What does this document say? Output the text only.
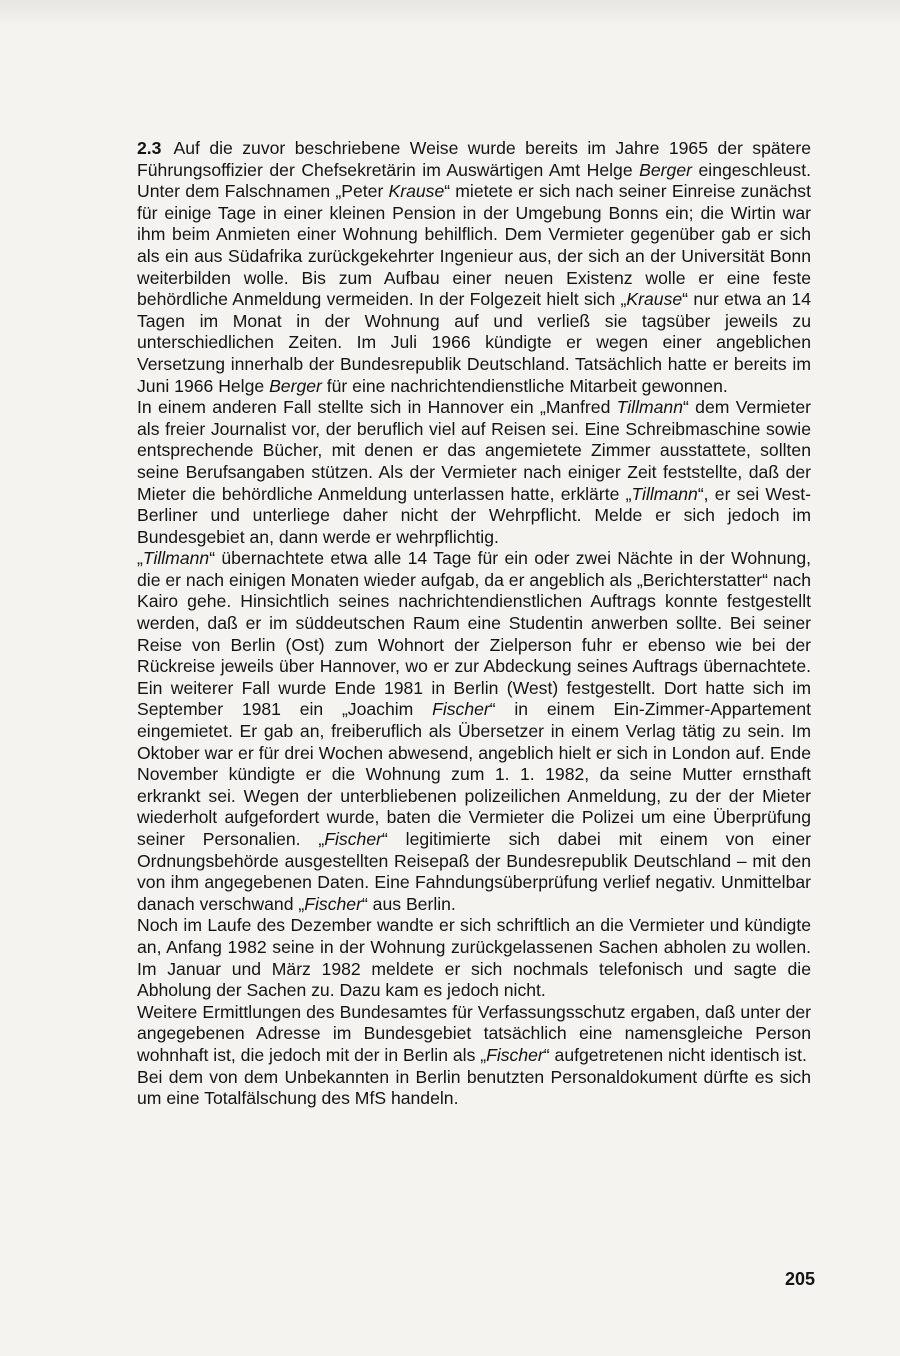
2.3 Auf die zuvor beschriebene Weise wurde bereits im Jahre 1965 der spätere Führungsoffizier der Chefsekretärin im Auswärtigen Amt Helge Berger eingeschleust. Unter dem Falschnamen „Peter Krause“ mietete er sich nach seiner Einreise zunächst für einige Tage in einer kleinen Pension in der Umgebung Bonns ein; die Wirtin war ihm beim Anmieten einer Wohnung behilflich. Dem Vermieter gegenüber gab er sich als ein aus Südafrika zurückgekehrter Ingenieur aus, der sich an der Universität Bonn weiterbilden wolle. Bis zum Aufbau einer neuen Existenz wolle er eine feste behördliche Anmeldung vermeiden. In der Folgezeit hielt sich „Krause“ nur etwa an 14 Tagen im Monat in der Wohnung auf und verließ sie tagsüber jeweils zu unterschiedlichen Zeiten. Im Juli 1966 kündigte er wegen einer angeblichen Versetzung innerhalb der Bundesrepublik Deutschland. Tatsächlich hatte er bereits im Juni 1966 Helge Berger für eine nachrichtendienstliche Mitarbeit gewonnen.

In einem anderen Fall stellte sich in Hannover ein „Manfred Tillmann“ dem Vermieter als freier Journalist vor, der beruflich viel auf Reisen sei. Eine Schreibmaschine sowie entsprechende Bücher, mit denen er das angemietete Zimmer ausstattete, sollten seine Berufsangaben stützen. Als der Vermieter nach einiger Zeit feststellte, daß der Mieter die behördliche Anmeldung unterlassen hatte, erklärte „Tillmann“, er sei West-Berliner und unterliege daher nicht der Wehrpflicht. Melde er sich jedoch im Bundesgebiet an, dann werde er wehrpflichtig.

„Tillmann“ übernachtete etwa alle 14 Tage für ein oder zwei Nächte in der Wohnung, die er nach einigen Monaten wieder aufgab, da er angeblich als „Berichterstatter“ nach Kairo gehe. Hinsichtlich seines nachrichtendienstlichen Auftrags konnte festgestellt werden, daß er im süddeutschen Raum eine Studentin anwerben sollte. Bei seiner Reise von Berlin (Ost) zum Wohnort der Zielperson fuhr er ebenso wie bei der Rückreise jeweils über Hannover, wo er zur Abdeckung seines Auftrags übernachtete. Ein weiterer Fall wurde Ende 1981 in Berlin (West) festgestellt. Dort hatte sich im September 1981 ein „Joachim Fischer“ in einem Ein-Zimmer-Appartement eingemietet. Er gab an, freiberuflich als Übersetzer in einem Verlag tätig zu sein. Im Oktober war er für drei Wochen abwesend, angeblich hielt er sich in London auf. Ende November kündigte er die Wohnung zum 1. 1. 1982, da seine Mutter ernsthaft erkrankt sei. Wegen der unterbliebenen polizeilichen Anmeldung, zu der der Mieter wiederholt aufgefordert wurde, baten die Vermieter die Polizei um eine Überprüfung seiner Personalien. „Fischer“ legitimierte sich dabei mit einem von einer Ordnungsbehörde ausgestellten Reisepaß der Bundesrepublik Deutschland – mit den von ihm angegebenen Daten. Eine Fahndungsüberprüfung verlief negativ. Unmittelbar danach verschwand „Fischer“ aus Berlin.

Noch im Laufe des Dezember wandte er sich schriftlich an die Vermieter und kündigte an, Anfang 1982 seine in der Wohnung zurückgelassenen Sachen abholen zu wollen. Im Januar und März 1982 meldete er sich nochmals telefonisch und sagte die Abholung der Sachen zu. Dazu kam es jedoch nicht.

Weitere Ermittlungen des Bundesamtes für Verfassungsschutz ergaben, daß unter der angegebenen Adresse im Bundesgebiet tatsächlich eine namensgleiche Person wohnhaft ist, die jedoch mit der in Berlin als „Fischer“ aufgetretenen nicht identisch ist.

Bei dem von dem Unbekannten in Berlin benutzten Personaldokument dürfte es sich um eine Totalfälschung des MfS handeln.

205
